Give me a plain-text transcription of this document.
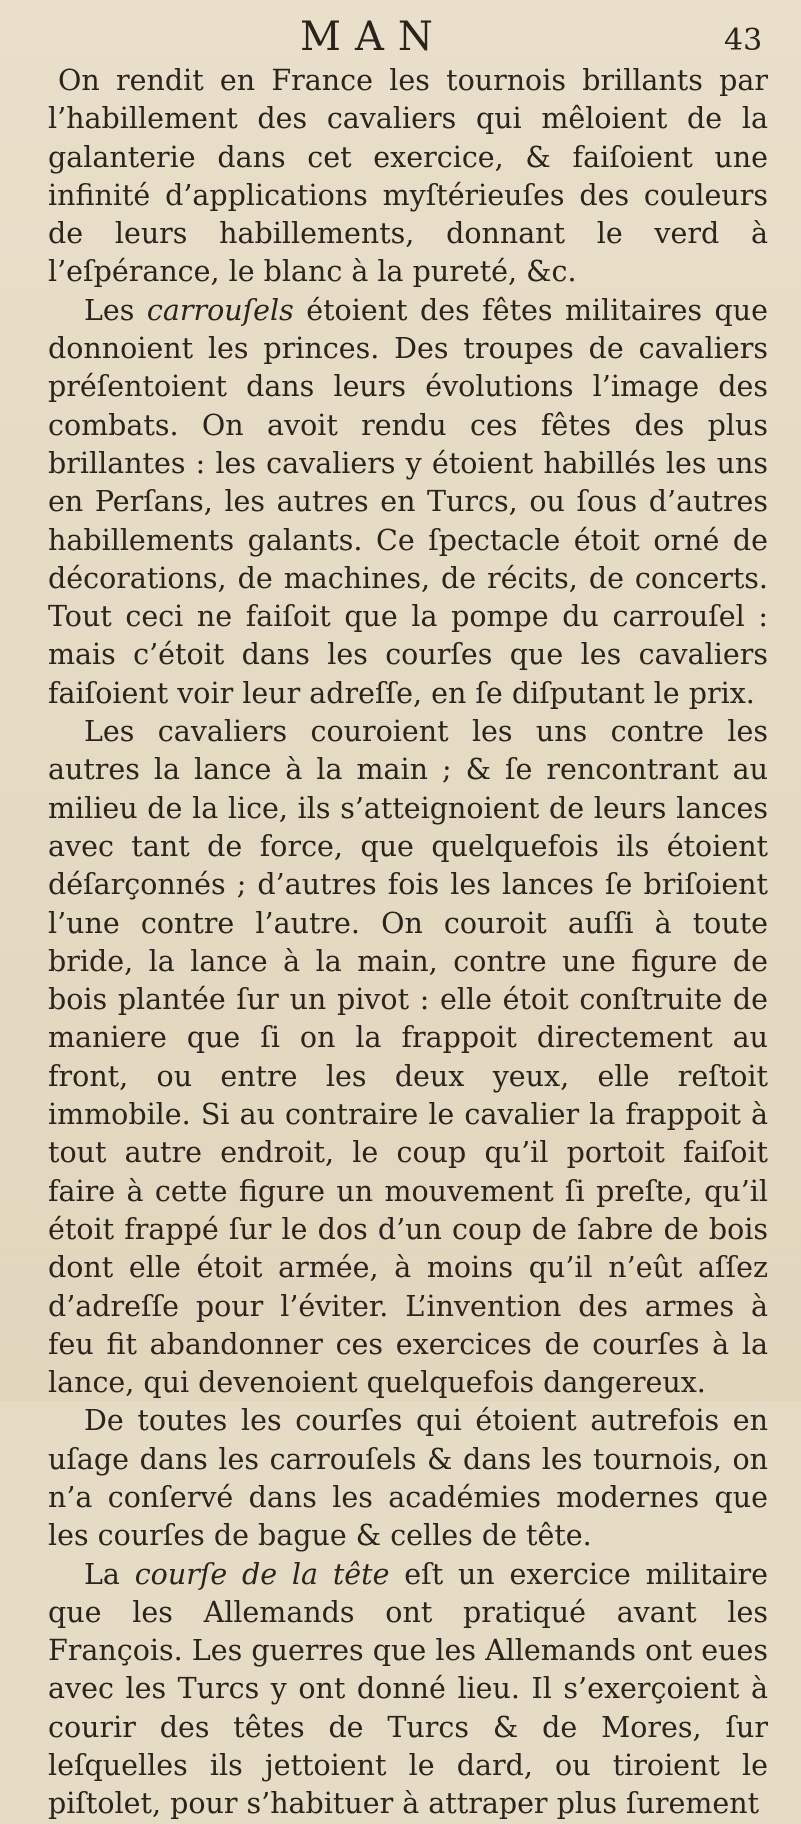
MAN	43

On rendit en France les tournois brillants par l’habillement des cavaliers qui mêloient de la galanterie dans cet exercice, & faiſoient une infinité d’applications myſtérieuſes des couleurs de leurs habillements, donnant le verd à l’eſpérance, le blanc à la pureté, &c.

Les carrouſels étoient des fêtes militaires que donnoient les princes. Des troupes de cavaliers préſentoient dans leurs évolutions l’image des combats. On avoit rendu ces fêtes des plus brillantes : les cavaliers y étoient habillés les uns en Perſans, les autres en Turcs, ou ſous d’autres habillements galants. Ce ſpectacle étoit orné de décorations, de machines, de récits, de concerts. Tout ceci ne faiſoit que la pompe du carrouſel : mais c’étoit dans les courſes que les cavaliers faiſoient voir leur adreſſe, en ſe diſputant le prix.

Les cavaliers couroient les uns contre les autres la lance à la main ; & ſe rencontrant au milieu de la lice, ils s’atteignoient de leurs lances avec tant de force, que quelquefois ils étoient déſarçonnés ; d’autres fois les lances ſe briſoient l’une contre l’autre. On couroit auſſi à toute bride, la lance à la main, contre une figure de bois plantée ſur un pivot : elle étoit conſtruite de maniere que ſi on la frappoit directement au front, ou entre les deux yeux, elle reſtoit immobile. Si au contraire le cavalier la frappoit à tout autre endroit, le coup qu’il portoit faiſoit faire à cette figure un mouvement ſi preſte, qu’il étoit frappé ſur le dos d’un coup de ſabre de bois dont elle étoit armée, à moins qu’il n’eût aſſez d’adreſſe pour l’éviter. L’invention des armes à feu fit abandonner ces exercices de courſes à la lance, qui devenoient quelquefois dangereux.

De toutes les courſes qui étoient autrefois en uſage dans les carrouſels & dans les tournois, on n’a conſervé dans les académies modernes que les courſes de bague & celles de tête.

La courſe de la tête eſt un exercice militaire que les Allemands ont pratiqué avant les François. Les guerres que les Allemands ont eues avec les Turcs y ont donné lieu. Il s’exerçoient à courir des têtes de Turcs & de Mores, ſur leſquelles ils jettoient le dard, ou tiroient le piſtolet, pour s’habituer à attraper plus ſurement
